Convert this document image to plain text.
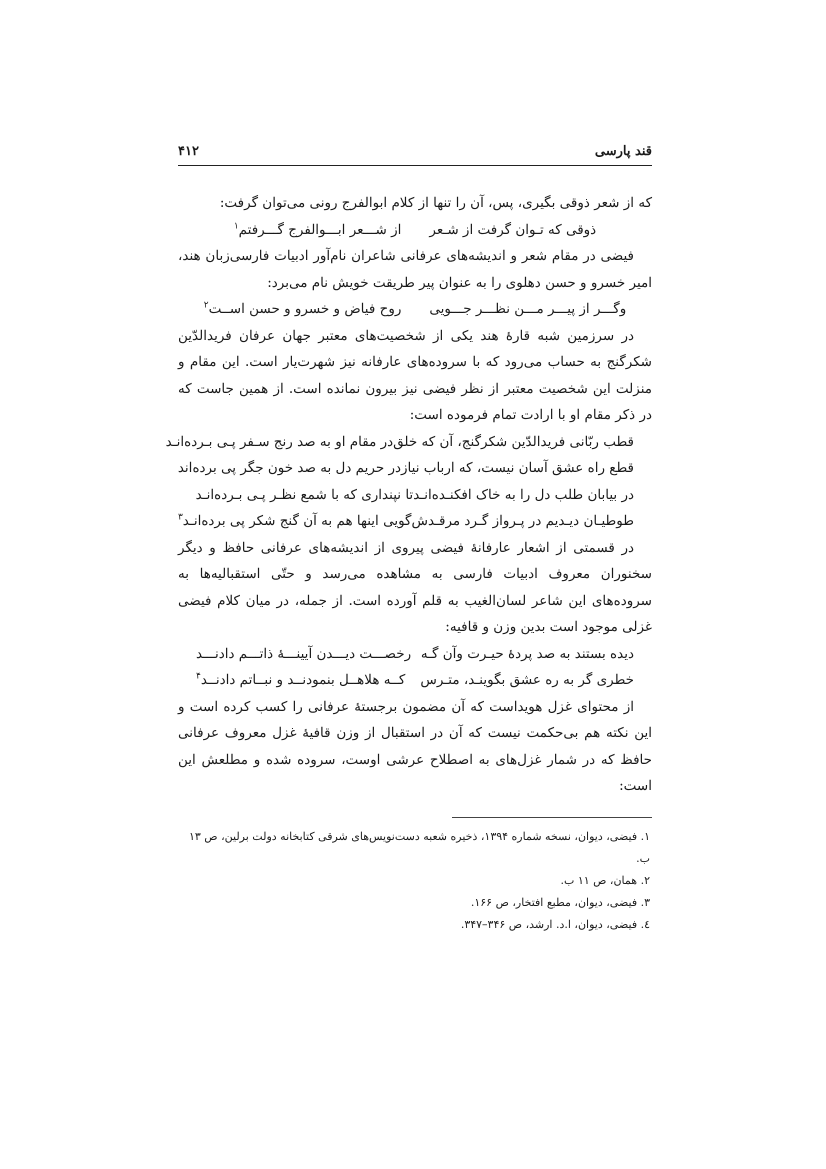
قند پارسی
۴۱۲

که از شعر ذوقی بگیری، پس، آن را تنها از کلام ابوالفرج رونی می‌توان گرفت:

ذوقی که تـوان گرفت از شـعر
از شـــعر ابـــوالفرج گـــرفتم$^۱$

فیضی در مقام شعر و اندیشه‌های عرفانی شاعران نام‌آور ادبیات فارسی‌زبان هند، امیر خسرو و حسن دهلوی را به عنوان پیر طریقت خویش نام می‌برد:

وگـــر از پیـــر مـــن نظـــر جـــویی
روح فیاض و خسرو و حسن اســت$^۲$

در سرزمین شبه قارۀ هند یکی از شخصیت‌های معتبر جهان عرفان فریدالدّین شکرگنج به حساب می‌رود که با سروده‌های عارفانه نیز شهرت‌یار است. این مقام و منزلت این شخصیت معتبر از نظر فیضی نیز بیرون نمانده است. از همین جاست که در ذکر مقام او با ارادت تمام فرموده است:

قطب ربّانی فریدالدّین شکرگنج، آن که خلق
در مقام او به صد رنج سـفر پـی بـرده‌انـد
قطع راه عشق آسان نیست، که ارباب نیاز
در حریم دل به صد خون جگر پی برده‌اند
در بیابان طلب دل را به خاک افکنـده‌انـد
تا نپنداری که با شمع نظـر پـی بـرده‌انـد
طوطیـان دیـدیم در پـرواز گـرد مرقـدش
گویی اینها هم به آن گنج شکر پی برده‌انـد$^۳$

در قسمتی از اشعار عارفانۀ فیضی پیروی از اندیشه‌های عرفانی حافظ و دیگر سخنوران معروف ادبیات فارسی به مشاهده می‌رسد و حتّی استقبالیه‌ها به سروده‌های این شاعر لسان‌الغیب به قلم آورده است. از جمله، در میان کلام فیضی غزلی موجود است بدین وزن و قافیه:

دیده بستند به صد پردۀ حیـرت وآن گـه
رخصـــت دیـــدن آیینـــۀ ذاتـــم دادنـــد
خطری گر به ره عشق بگوینـد، متـرس
کــه هلاهــل بنمودنــد و نبــاتم دادنــد$^۴$

از محتوای غزل هویداست که آن مضمون برجستۀ عرفانی را کسب کرده است و این نکته هم بی‌حکمت نیست که آن در استقبال از وزن قافیۀ غزل معروف عرفانی حافظ که در شمار غزل‌های به اصطلاح عرشی اوست، سروده شده و مطلعش این است:

۱. فیضی، دیوان، نسخه شماره ۱۳۹۴، ذخیره شعبه دست‌نویس‌های شرقی کتابخانه دولت برلین، ص ۱۳ ب.

۲. همان، ص ۱۱ ب.

۳. فیضی، دیوان، مطبع افتخار، ص ۱۶۶.

٤. فیضی، دیوان، ا.د. ارشد، ص ۳۴۶–۳۴۷.
